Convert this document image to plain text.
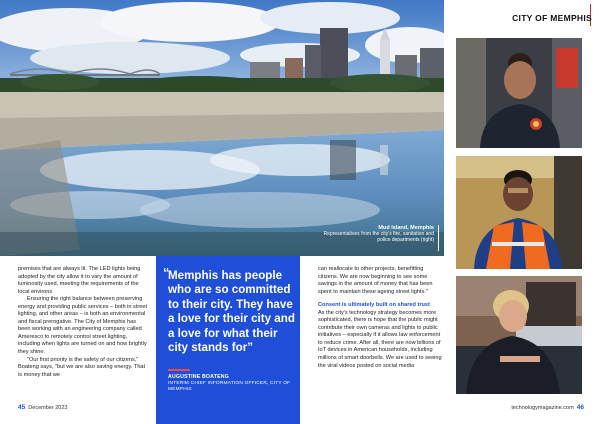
Mud Island, Memphis
Representatives from the city's fire, sanitation and police departments (right)
CITY OF MEMPHIS

premises that are always lit. The LED lights being adopted by the city allow it to vary the amount of luminosity used, meeting the requirements of the local environs

Ensuring the right balance between preserving energy and providing public services – both in street lighting, and other areas – is both an environmental and fiscal prerogative. The City of Memphis has been working with an engineering company called Ameresco to remotely control street lighting, including when lights are turned on and how brightly they shine.

"Our first priority is the safety of our citizens," Boateng says, "but we are also saving energy. That is money that we

“
Memphis has people who are so committed to their city. They have a love for their city and a love for what their city stands for”
AUGUSTINE BOATENG
INTERIM CHIEF INFORMATION OFFICER, CITY OF MEMPHIS

can reallocate to other projects, benefitting citizens. We are now beginning to see some savings in the amount of money that has been spent to maintain these ageing street lights."

Consent is ultimately built on shared trust

As the city's technology strategy becomes more sophisticated, there is hope that the public might contribute their own cameras and lights to public initiatives – especially if it allows law enforcement to reduce crime. After all, there are now billions of IoT devices in American households, including millions of smart doorbells. We are used to seeing the viral videos posted on social media

45 December 2023	technologymagazine.com 46
